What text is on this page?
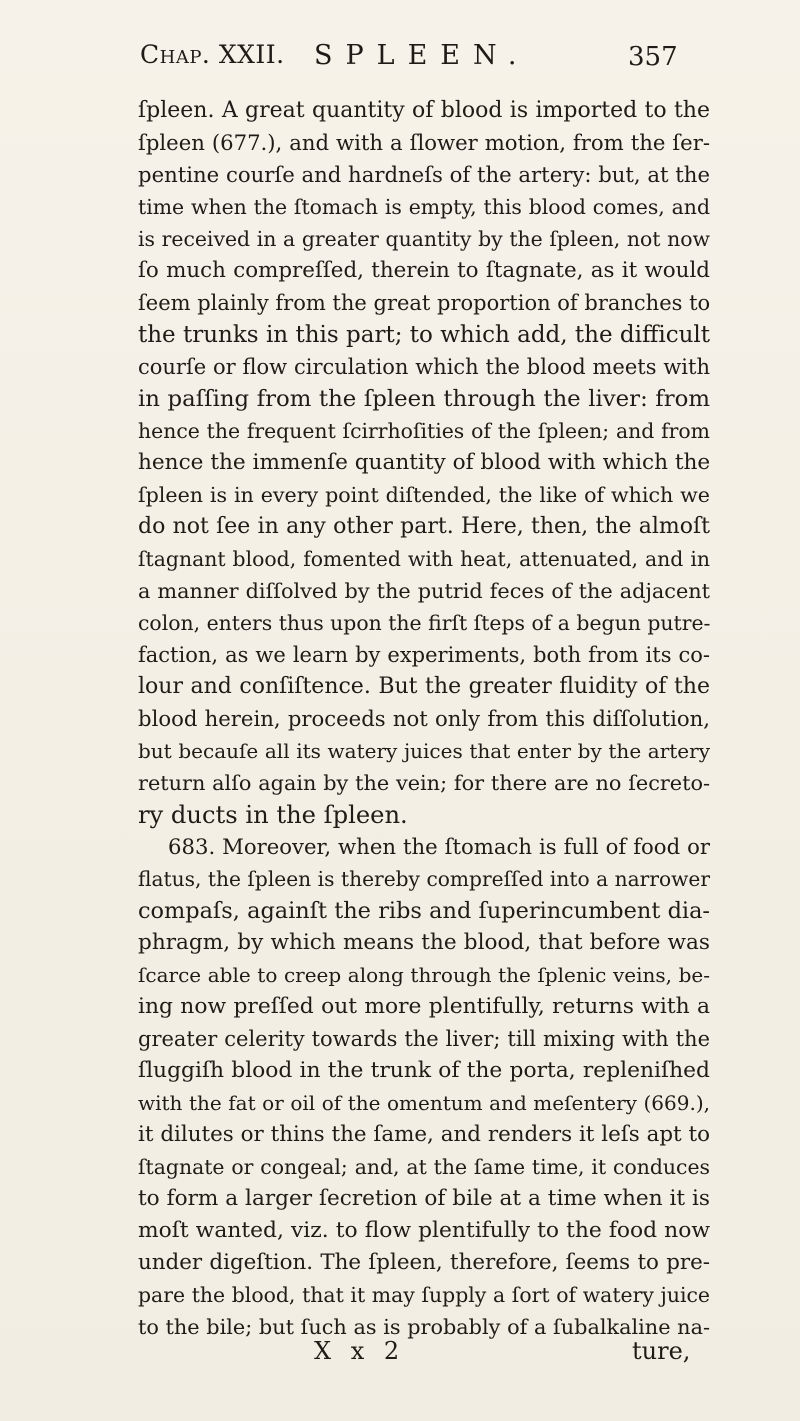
Chap. XXII. SPLEEN.	357
ſpleen. A great quantity of blood is imported to the
ſpleen (677.), and with a ſlower motion, from the ſer-
pentine courſe and hardneſs of the artery: but, at the
time when the ſtomach is empty, this blood comes, and
is received in a greater quantity by the ſpleen, not now
ſo much compreſſed, therein to ſtagnate, as it would
ſeem plainly from the great proportion of branches to
the trunks in this part; to which add, the difficult
courſe or flow circulation which the blood meets with
in paſſing from the ſpleen through the liver: from
hence the frequent ſcirrhoſities of the ſpleen; and from
hence the immenſe quantity of blood with which the
ſpleen is in every point diſtended, the like of which we
do not ſee in any other part. Here, then, the almoſt
ſtagnant blood, fomented with heat, attenuated, and in
a manner diſſolved by the putrid feces of the adjacent
colon, enters thus upon the firſt ſteps of a begun putre-
faction, as we learn by experiments, both from its co-
lour and conſiſtence. But the greater fluidity of the
blood herein, proceeds not only from this diſſolution,
but becauſe all its watery juices that enter by the artery
return alſo again by the vein; for there are no ſecreto-
ry ducts in the ſpleen.
683. Moreover, when the ſtomach is full of food or
flatus, the ſpleen is thereby compreſſed into a narrower
compaſs, againſt the ribs and ſuperincumbent dia-
phragm, by which means the blood, that before was
ſcarce able to creep along through the ſplenic veins, be-
ing now preſſed out more plentifully, returns with a
greater celerity towards the liver; till mixing with the
ſluggiſh blood in the trunk of the porta, repleniſhed
with the fat or oil of the omentum and meſentery (669.),
it dilutes or thins the ſame, and renders it leſs apt to
ſtagnate or congeal; and, at the ſame time, it conduces
to form a larger ſecretion of bile at a time when it is
moſt wanted, viz. to flow plentifully to the food now
under digeſtion. The ſpleen, therefore, ſeems to pre-
pare the blood, that it may ſupply a ſort of watery juice
to the bile; but ſuch as is probably of a ſubalkaline na-
X x 2	ture,
